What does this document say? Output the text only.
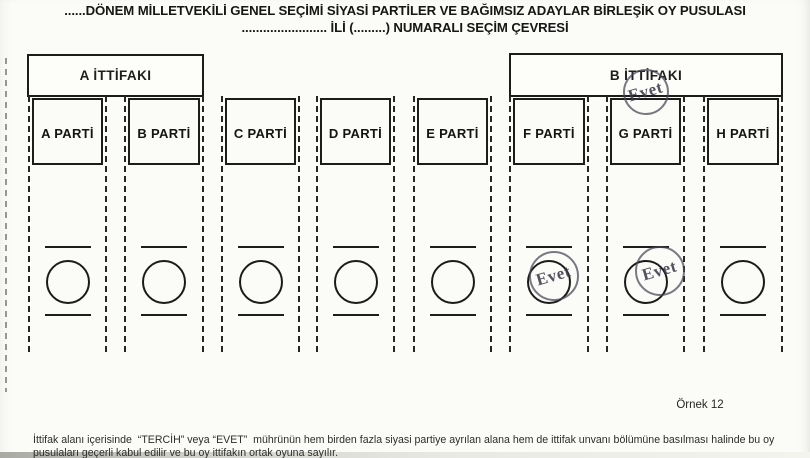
......DÖNEM MİLLETVEKİLİ GENEL SEÇİMİ SİYASİ PARTİLER VE BAĞIMSIZ ADAYLAR BİRLEŞİK OY PUSULASI
........................ İLİ (.........) NUMARALI SEÇİM ÇEVRESİ
A İTTİFAKI	B İTTİFAKI
A PARTİ	B PARTİ	C PARTİ	D PARTİ	E PARTİ	F PARTİ	G PARTİ	H PARTİ
Evet
Evet	Evet
Örnek 12
İttifak alanı içerisinde  “TERCİH” veya “EVET”  mührünün hem birden fazla siyasi partiye ayrılan alana hem de ittifak unvanı bölümüne basılması halinde bu oy
pusulaları geçerli kabul edilir ve bu oy ittifakın ortak oyuna sayılır.
